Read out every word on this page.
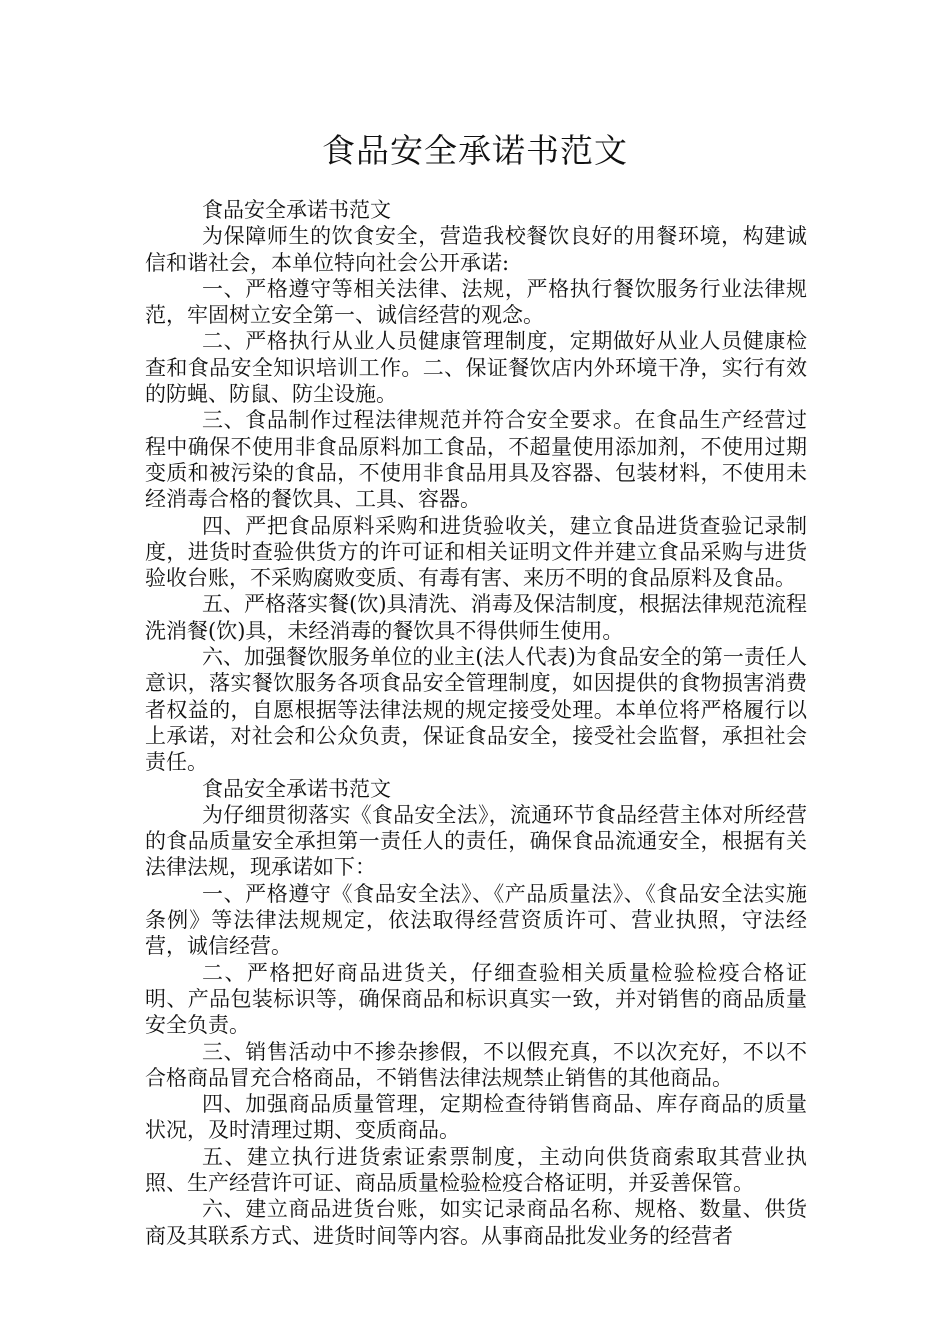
食品安全承诺书范文

食品安全承诺书范文

为保障师生的饮食安全，营造我校餐饮良好的用餐环境，构建诚信和谐社会，本单位特向社会公开承诺:

一、严格遵守等相关法律、法规，严格执行餐饮服务行业法律规范，牢固树立安全第一、诚信经营的观念。

二、严格执行从业人员健康管理制度，定期做好从业人员健康检查和食品安全知识培训工作。二、保证餐饮店内外环境干净，实行有效的防蝇、防鼠、防尘设施。

三、食品制作过程法律规范并符合安全要求。在食品生产经营过程中确保不使用非食品原料加工食品，不超量使用添加剂，不使用过期变质和被污染的食品，不使用非食品用具及容器、包装材料，不使用未经消毒合格的餐饮具、工具、容器。

四、严把食品原料采购和进货验收关，建立食品进货查验记录制度，进货时查验供货方的许可证和相关证明文件并建立食品采购与进货验收台账，不采购腐败变质、有毒有害、来历不明的食品原料及食品。

五、严格落实餐(饮)具清洗、消毒及保洁制度，根据法律规范流程洗消餐(饮)具，未经消毒的餐饮具不得供师生使用。

六、加强餐饮服务单位的业主(法人代表)为食品安全的第一责任人意识，落实餐饮服务各项食品安全管理制度，如因提供的食物损害消费者权益的，自愿根据等法律法规的规定接受处理。本单位将严格履行以上承诺，对社会和公众负责，保证食品安全，接受社会监督，承担社会责任。

食品安全承诺书范文

为仔细贯彻落实《食品安全法》，流通环节食品经营主体对所经营的食品质量安全承担第一责任人的责任，确保食品流通安全，根据有关法律法规，现承诺如下：

一、严格遵守《食品安全法》、《产品质量法》、《食品安全法实施条例》等法律法规规定，依法取得经营资质许可、营业执照，守法经营，诚信经营。

二、严格把好商品进货关，仔细查验相关质量检验检疫合格证明、产品包装标识等，确保商品和标识真实一致，并对销售的商品质量安全负责。

三、销售活动中不掺杂掺假，不以假充真，不以次充好，不以不合格商品冒充合格商品，不销售法律法规禁止销售的其他商品。

四、加强商品质量管理，定期检查待销售商品、库存商品的质量状况，及时清理过期、变质商品。

五、建立执行进货索证索票制度，主动向供货商索取其营业执照、生产经营许可证、商品质量检验检疫合格证明，并妥善保管。

六、建立商品进货台账，如实记录商品名称、规格、数量、供货商及其联系方式、进货时间等内容。从事商品批发业务的经营者
